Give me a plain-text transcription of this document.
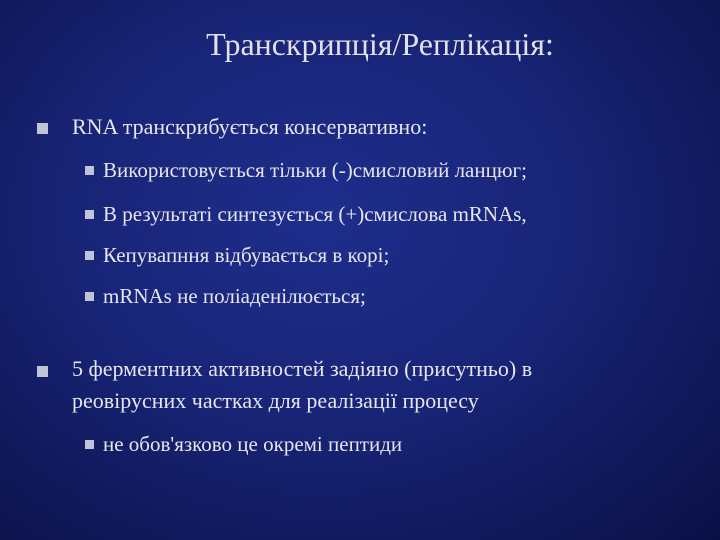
Транскрипція/Реплікація:
RNA транскрибується консервативно:
Використовується тільки (-)смисловий ланцюг;
В результаті синтезується (+)смислова mRNAs,
Кепувапння відбувається в корі;
mRNAs не поліаденілюється;
5 ферментних активностей задіяно (присутньо) в
реовірусних частках для реалізації процесу
не обов'язково це окремі пептиди
